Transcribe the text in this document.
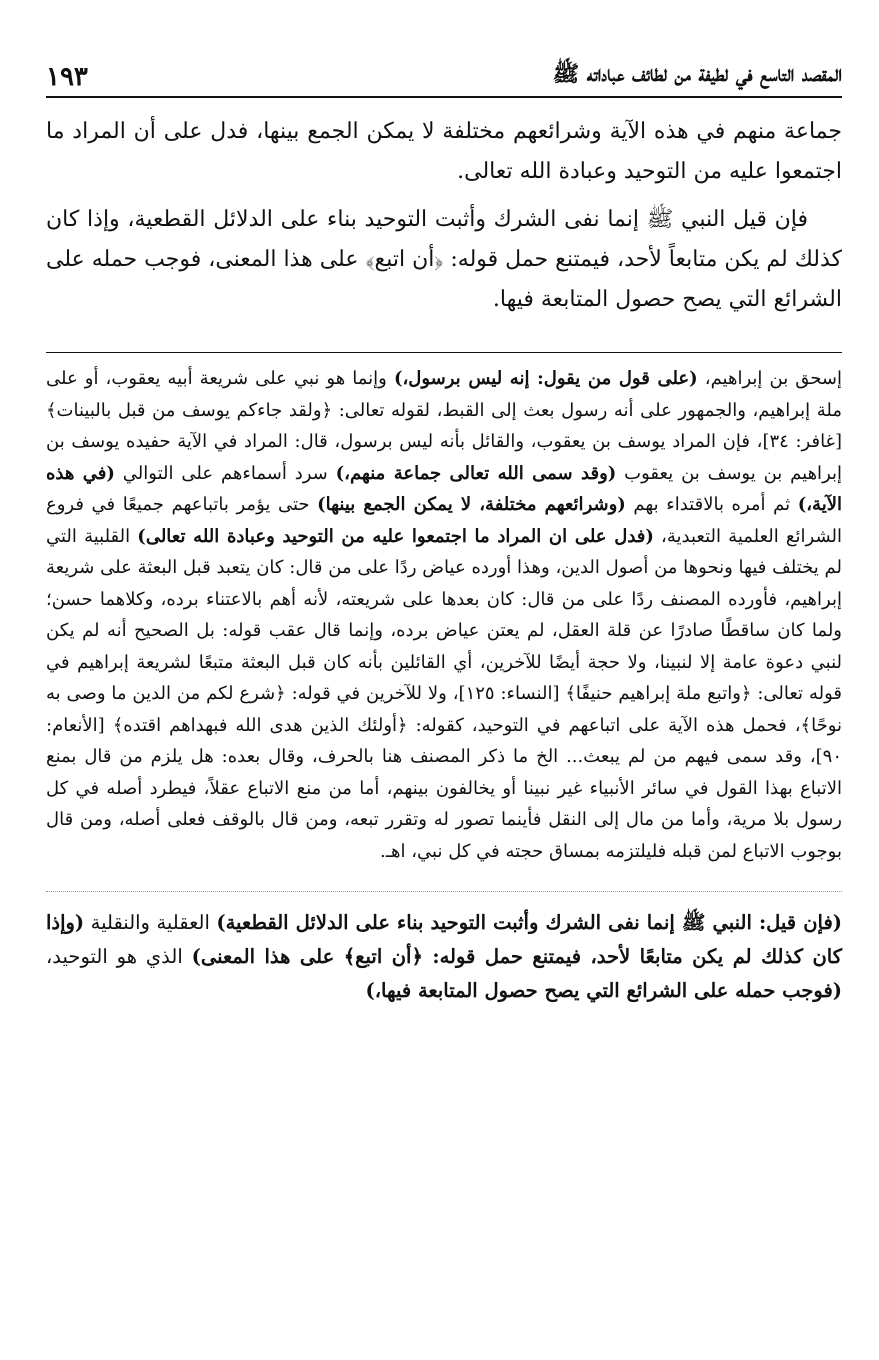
المقصد التاسع في لطيفة من لطائف عباداته ﷺ
١٩٣

جماعة منهم في هذه الآية وشرائعهم مختلفة لا يمكن الجمع بينها، فدل على أن المراد ما اجتمعوا عليه من التوحيد وعبادة الله تعالى.

فإن قيل النبي ﷺ إنما نفى الشرك وأثبت التوحيد بناء على الدلائل القطعية، وإذا كان كذلك لم يكن متابعاً لأحد، فيمتنع حمل قوله: ﴿أن اتبع﴾ على هذا المعنى، فوجب حمله على الشرائع التي يصح حصول المتابعة فيها.

إسحق بن إبراهيم، (على قول من يقول: إنه ليس برسول،) وإنما هو نبي على شريعة أبيه يعقوب، أو على ملة إبراهيم، والجمهور على أنه رسول بعث إلى القبط، لقوله تعالى: ﴿ولقد جاءكم يوسف من قبل بالبينات﴾ [غافر: ٣٤]، فإن المراد يوسف بن يعقوب، والقائل بأنه ليس برسول، قال: المراد في الآية حفيده يوسف بن إبراهيم بن يوسف بن يعقوب (وقد سمى الله تعالى جماعة منهم،) سرد أسماءهم على التوالي (في هذه الآية،) ثم أمره بالاقتداء بهم (وشرائعهم مختلفة، لا يمكن الجمع بينها) حتى يؤمر باتباعهم جميعًا في فروع الشرائع العلمية التعبدية، (فدل على ان المراد ما اجتمعوا عليه من التوحيد وعبادة الله تعالى) القلبية التي لم يختلف فيها ونحوها من أصول الدين، وهذا أورده عياض ردًا على من قال: كان يتعبد قبل البعثة على شريعة إبراهيم، فأورده المصنف ردًا على من قال: كان بعدها على شريعته، لأنه أهم بالاعتناء برده، وكلاهما حسن؛ ولما كان ساقطًا صادرًا عن قلة العقل، لم يعتن عياض برده، وإنما قال عقب قوله: بل الصحيح أنه لم يكن لنبي دعوة عامة إلا لنبينا، ولا حجة أيضًا للآخرين، أي القائلين بأنه كان قبل البعثة متبعًا لشريعة إبراهيم في قوله تعالى: ﴿واتبع ملة إبراهيم حنيفًا﴾ [النساء: ١٢٥]، ولا للآخرين في قوله: ﴿شرع لكم من الدين ما وصى به نوحًا﴾، فحمل هذه الآية على اتباعهم في التوحيد، كقوله: ﴿أولئك الذين هدى الله فبهداهم اقتده﴾ [الأنعام: ٩٠]، وقد سمى فيهم من لم يبعث... الخ ما ذكر المصنف هنا بالحرف، وقال بعده: هل يلزم من قال بمنع الاتباع بهذا القول في سائر الأنبياء غير نبينا أو يخالفون بينهم، أما من منع الاتباع عقلاً، فيطرد أصله في كل رسول بلا مرية، وأما من مال إلى النقل فأينما تصور له وتقرر تبعه، ومن قال بالوقف فعلى أصله، ومن قال بوجوب الاتباع لمن قبله فليلتزمه بمساق حجته في كل نبي، اهـ.

(فإن قيل: النبي ﷺ إنما نفى الشرك وأثبت التوحيد بناء على الدلائل القطعية) العقلية والنقلية (وإذا كان كذلك لم يكن متابعًا لأحد، فيمتنع حمل قوله: ﴿أن اتبع﴾ على هذا المعنى) الذي هو التوحيد، (فوجب حمله على الشرائع التي يصح حصول المتابعة فيها،)
